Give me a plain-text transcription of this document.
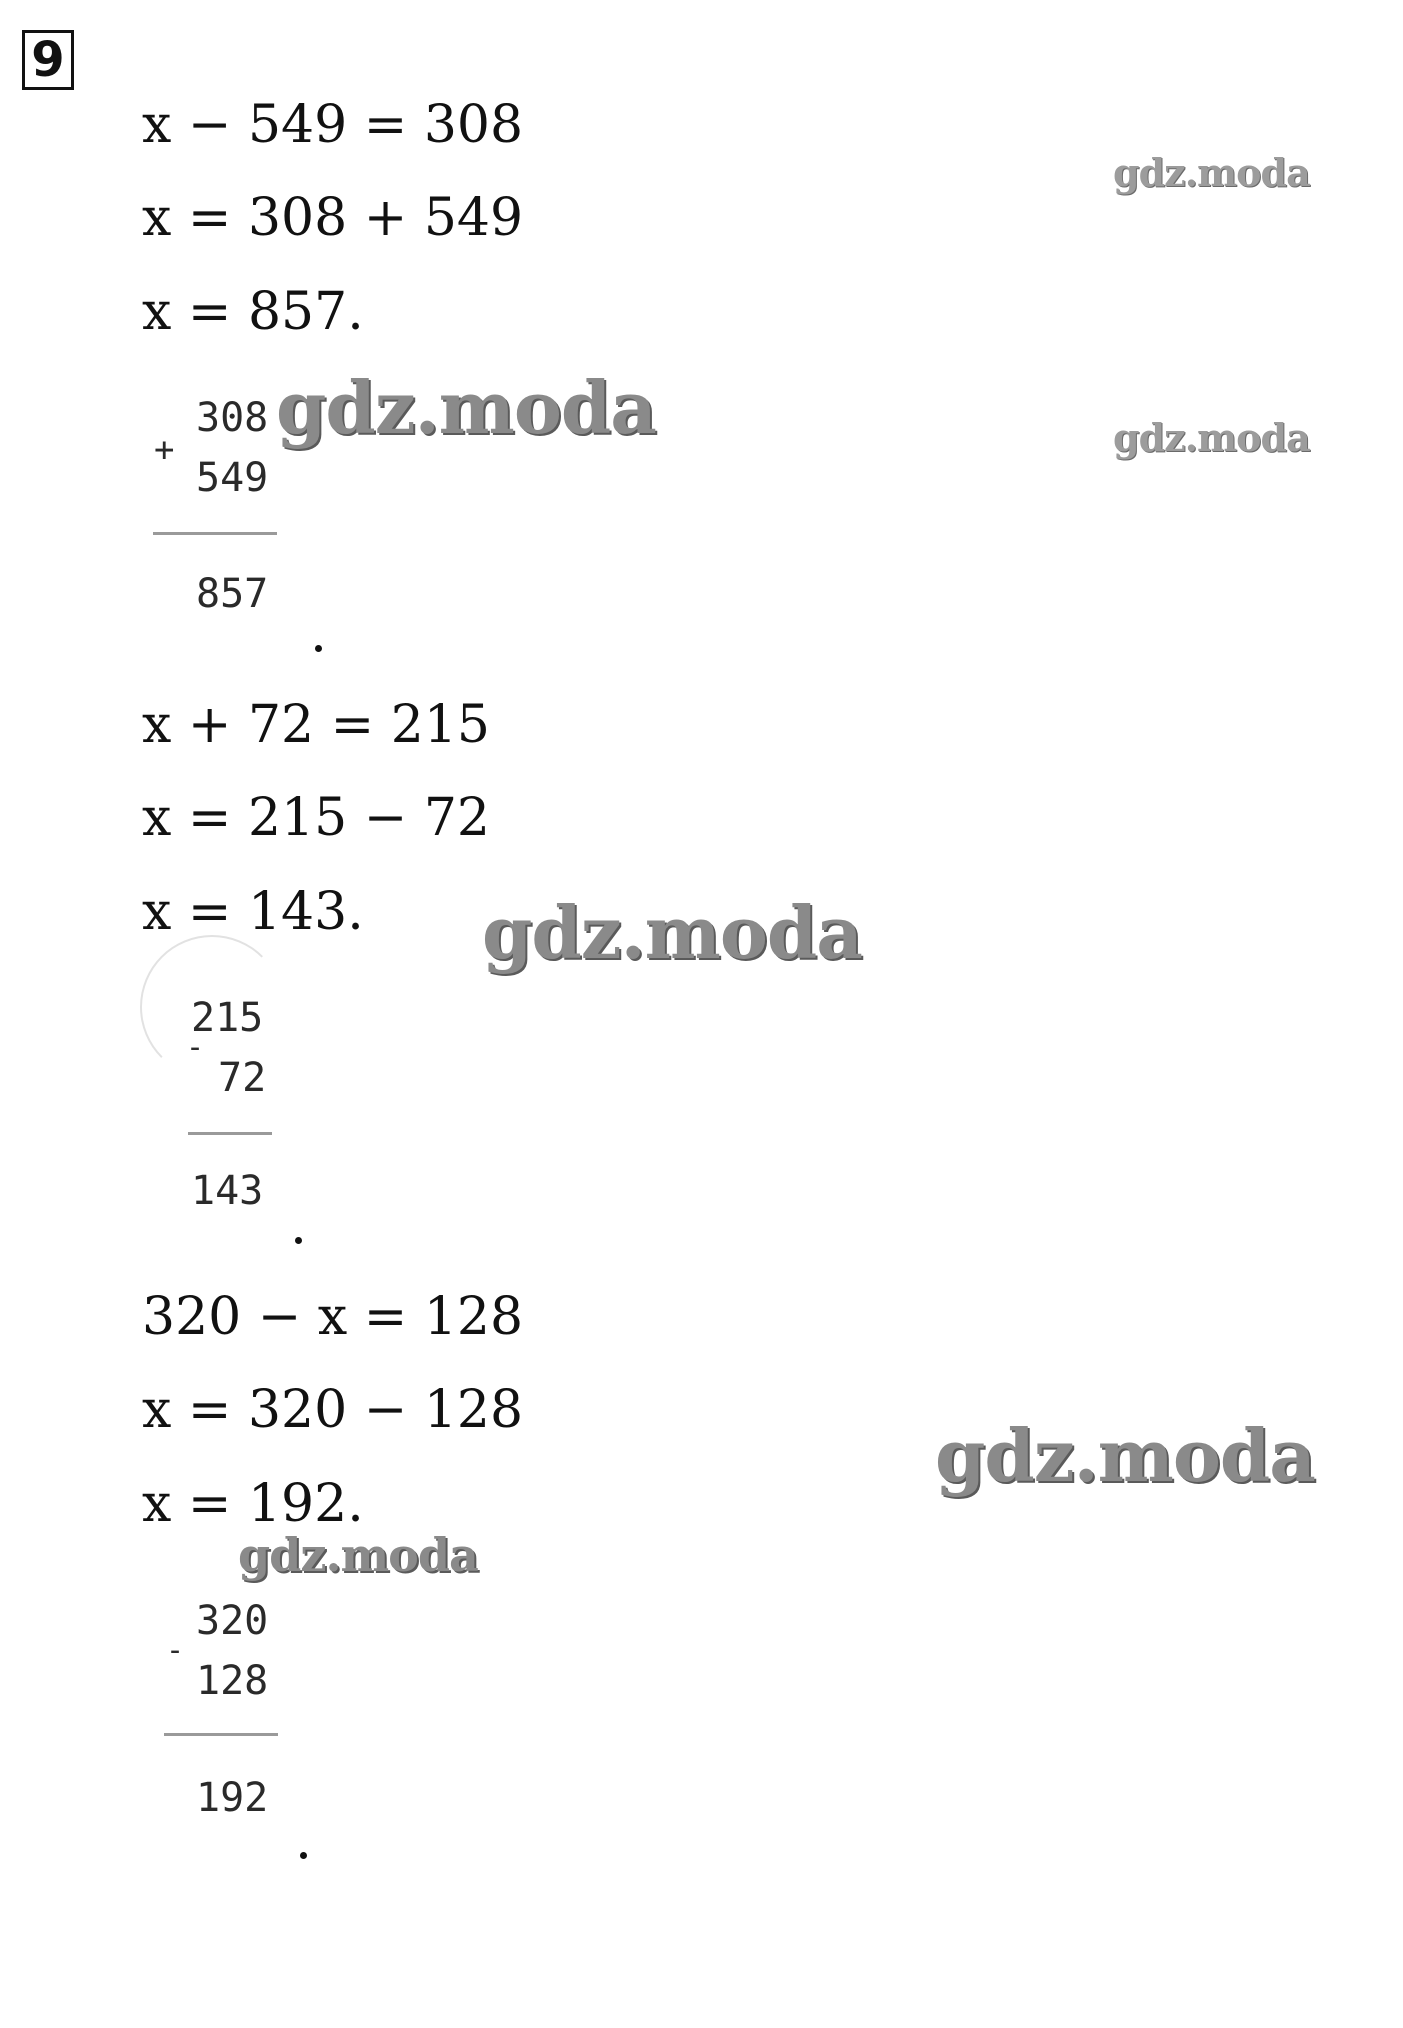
9
x − 549 = 308
x = 308 + 549
x = 857.
308
+
549
857
x + 72 = 215
x = 215 − 72
x = 143.
215
-
72
143
320 − x = 128
x = 320 − 128
x = 192.
320
-
128
192
gdz.moda
gdz.moda	gdz.moda
gdz.moda
gdz.moda
gdz.moda
